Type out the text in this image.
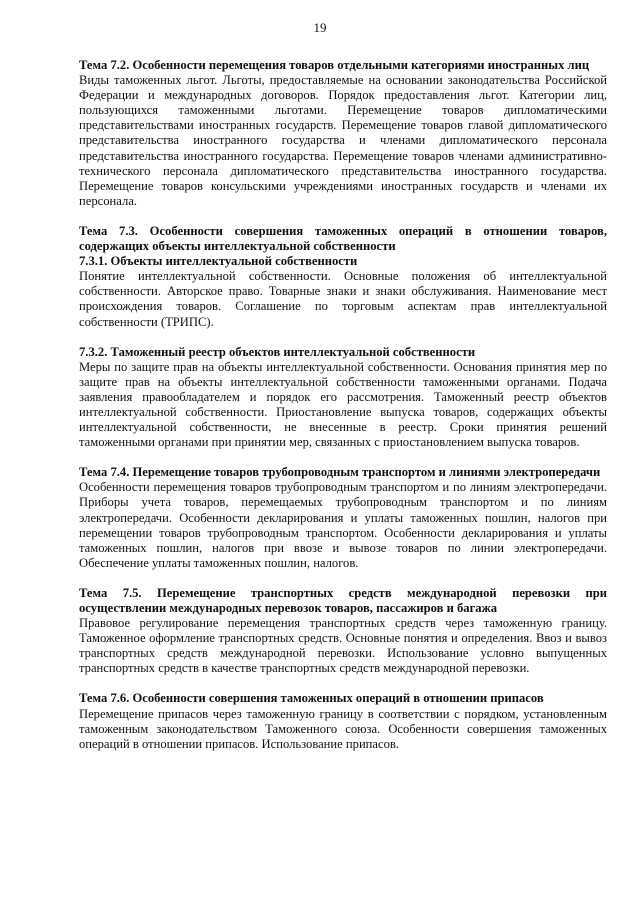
19
Тема 7.2. Особенности перемещения товаров отдельными категориями иностранных лиц
Виды таможенных льгот. Льготы, предоставляемые на основании законодательства Российской Федерации и международных договоров. Порядок предоставления льгот. Категории лиц, пользующихся таможенными льготами. Перемещение товаров дипломатическими представительствами иностранных государств. Перемещение товаров главой дипломатического представительства иностранного государства и членами дипломатического персонала представительства иностранного государства. Перемещение товаров членами административно-технического персонала дипломатического представительства иностранного государства. Перемещение товаров консульскими учреждениями иностранных государств и членами их персонала.
Тема 7.3. Особенности совершения таможенных операций в отношении товаров, содержащих объекты интеллектуальной собственности
7.3.1. Объекты интеллектуальной собственности
Понятие интеллектуальной собственности. Основные положения об интеллектуальной собственности. Авторское право. Товарные знаки и знаки обслуживания. Наименование мест происхождения товаров. Соглашение по торговым аспектам прав интеллектуальной собственности (ТРИПС).
7.3.2. Таможенный реестр объектов интеллектуальной собственности
Меры по защите прав на объекты интеллектуальной собственности. Основания принятия мер по защите прав на объекты интеллектуальной собственности таможенными органами. Подача заявления правообладателем и порядок его рассмотрения. Таможенный реестр объектов интеллектуальной собственности. Приостановление выпуска товаров, содержащих объекты интеллектуальной собственности, не внесенные в реестр. Сроки принятия решений таможенными органами при принятии мер, связанных с приостановлением выпуска товаров.
Тема 7.4. Перемещение товаров трубопроводным транспортом и линиями электропередачи
Особенности перемещения товаров трубопроводным транспортом и по линиям электропередачи. Приборы учета товаров, перемещаемых трубопроводным транспортом и по линиям электропередачи. Особенности декларирования и уплаты таможенных пошлин, налогов при перемещении товаров трубопроводным транспортом. Особенности декларирования и уплаты таможенных пошлин, налогов при ввозе и вывозе товаров по линии электропередачи. Обеспечение уплаты таможенных пошлин, налогов.
Тема 7.5. Перемещение транспортных средств международной перевозки при осуществлении международных перевозок товаров, пассажиров и багажа
Правовое регулирование перемещения транспортных средств через таможенную границу. Таможенное оформление транспортных средств. Основные понятия и определения. Ввоз и вывоз транспортных средств международной перевозки. Использование условно выпущенных транспортных средств в качестве транспортных средств международной перевозки.
Тема 7.6. Особенности совершения таможенных операций в отношении припасов
Перемещение припасов через таможенную границу в соответствии с порядком, установленным таможенным законодательством Таможенного союза. Особенности совершения таможенных операций в отношении припасов. Использование припасов.
